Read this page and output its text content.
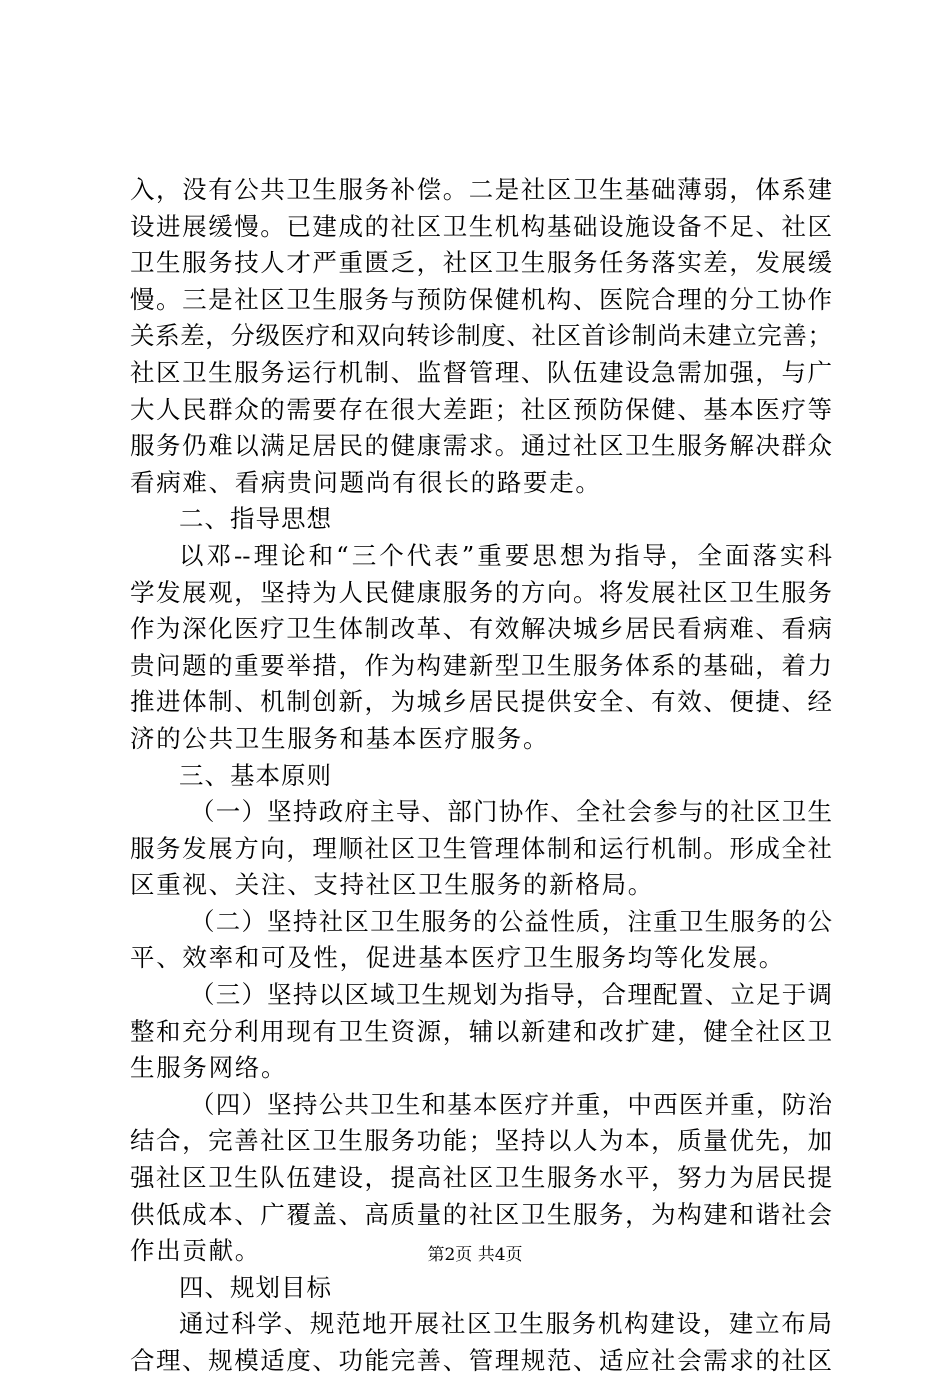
入，没有公共卫生服务补偿。二是社区卫生基础薄弱，体系建
设进展缓慢。已建成的社区卫生机构基础设施设备不足、社区
卫生服务技人才严重匮乏，社区卫生服务任务落实差，发展缓
慢。三是社区卫生服务与预防保健机构、医院合理的分工协作
关系差，分级医疗和双向转诊制度、社区首诊制尚未建立完善；
社区卫生服务运行机制、监督管理、队伍建设急需加强，与广
大人民群众的需要存在很大差距；社区预防保健、基本医疗等
服务仍难以满足居民的健康需求。通过社区卫生服务解决群众
看病难、看病贵问题尚有很长的路要走。
二、指导思想
以邓--理论和“三个代表”重要思想为指导，全面落实科
学发展观，坚持为人民健康服务的方向。将发展社区卫生服务
作为深化医疗卫生体制改革、有效解决城乡居民看病难、看病
贵问题的重要举措，作为构建新型卫生服务体系的基础，着力
推进体制、机制创新，为城乡居民提供安全、有效、便捷、经
济的公共卫生服务和基本医疗服务。
三、基本原则
（一）坚持政府主导、部门协作、全社会参与的社区卫生
服务发展方向，理顺社区卫生管理体制和运行机制。形成全社
区重视、关注、支持社区卫生服务的新格局。
（二）坚持社区卫生服务的公益性质，注重卫生服务的公
平、效率和可及性，促进基本医疗卫生服务均等化发展。
（三）坚持以区域卫生规划为指导，合理配置、立足于调
整和充分利用现有卫生资源，辅以新建和改扩建，健全社区卫
生服务网络。
（四）坚持公共卫生和基本医疗并重，中西医并重，防治
结合，完善社区卫生服务功能；坚持以人为本，质量优先，加
强社区卫生队伍建设，提高社区卫生服务水平，努力为居民提
供低成本、广覆盖、高质量的社区卫生服务，为构建和谐社会
作出贡献。
四、规划目标
通过科学、规范地开展社区卫生服务机构建设，建立布局
合理、规模适度、功能完善、管理规范、适应社会需求的社区
第2页 共4页
